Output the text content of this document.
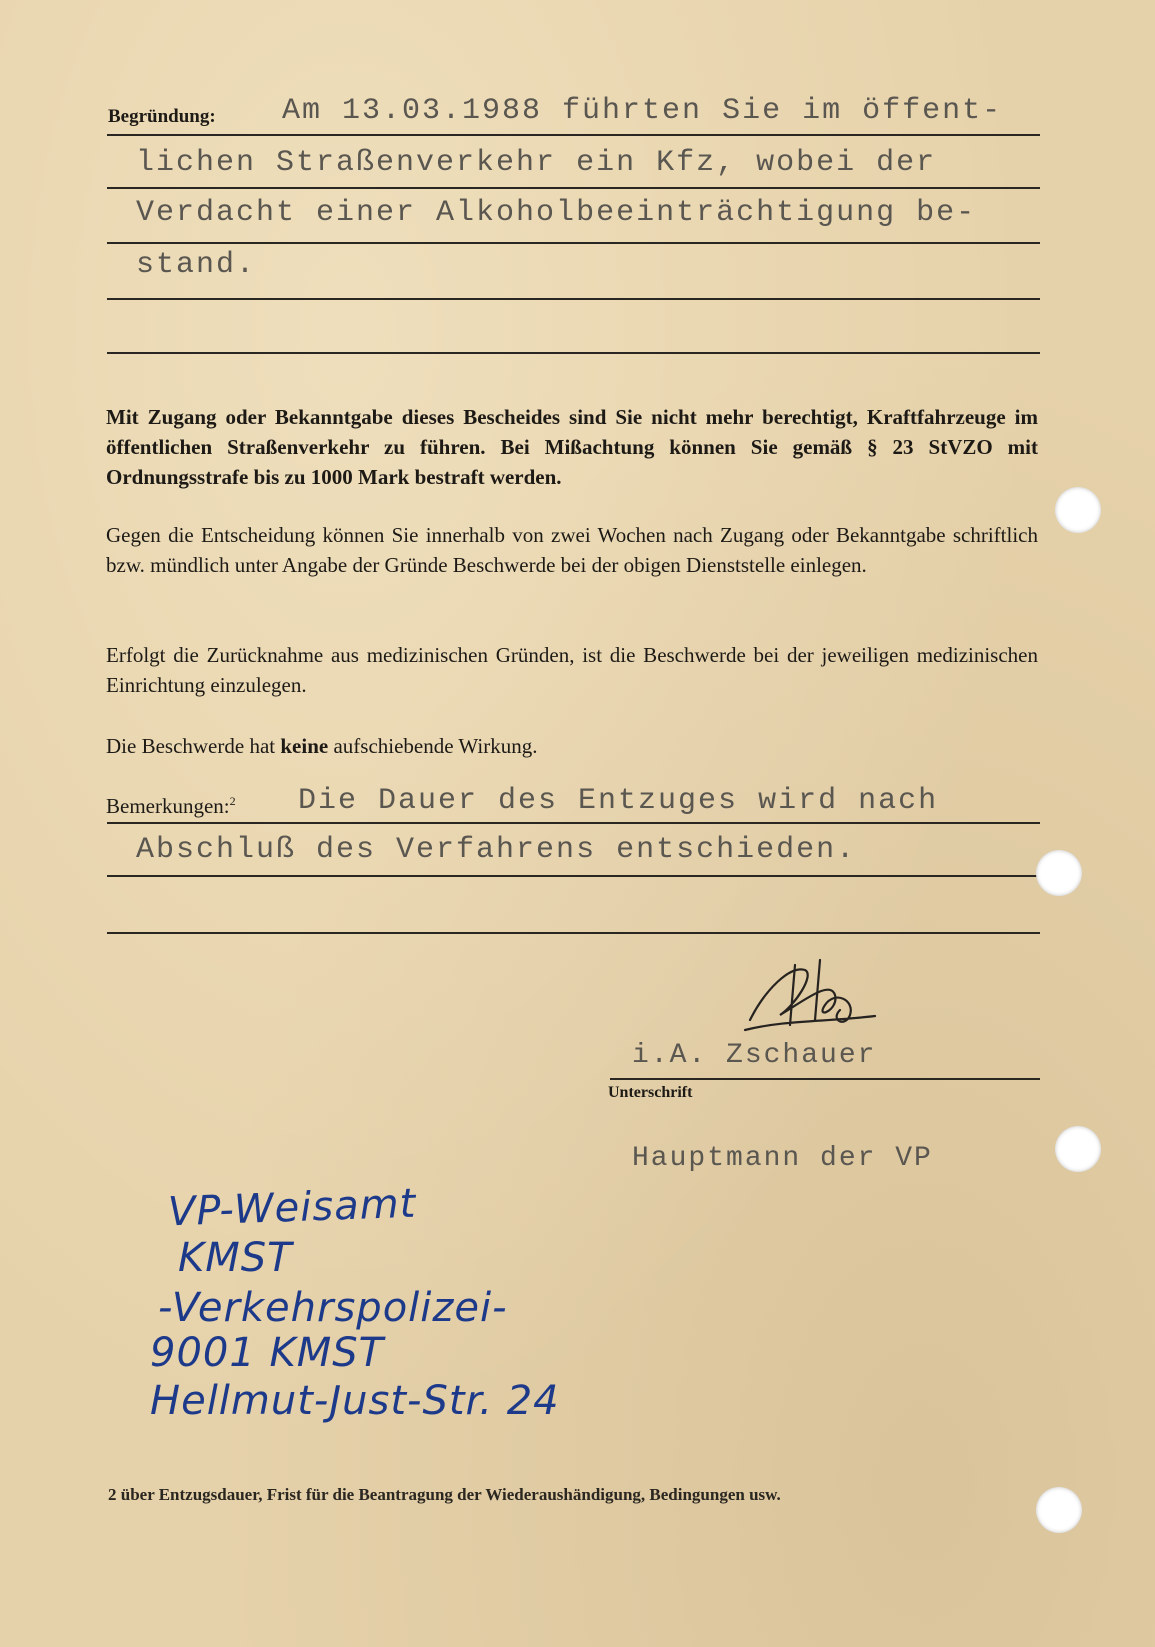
Begründung: Am 13.03.1988 führten Sie im öffent-
lichen Straßenverkehr ein Kfz, wobei der
Verdacht einer Alkoholbeeinträchtigung be-
stand.
Mit Zugang oder Bekanntgabe dieses Bescheides sind Sie nicht mehr berechtigt, Kraftfahrzeuge im öffentlichen Straßenverkehr zu führen. Bei Mißachtung können Sie gemäß § 23 StVZO mit Ordnungsstrafe bis zu 1000 Mark bestraft werden.
Gegen die Entscheidung können Sie innerhalb von zwei Wochen nach Zugang oder Bekanntgabe schriftlich bzw. mündlich unter Angabe der Gründe Beschwerde bei der obigen Dienststelle einlegen.
Erfolgt die Zurücknahme aus medizinischen Gründen, ist die Beschwerde bei der jeweiligen medizinischen Einrichtung einzulegen.
Die Beschwerde hat keine aufschiebende Wirkung.
Bemerkungen:$^2$ Die Dauer des Entzuges wird nach
Abschluß des Verfahrens entschieden.
i.A. Zschauer
Unterschrift
Hauptmann der VP
VP-Weisamt
KMST
-Verkehrspolizei-
9001 KMST
Hellmut-Just-Str. 24
2 über Entzugsdauer, Frist für die Beantragung der Wiederaushändigung, Bedingungen usw.
